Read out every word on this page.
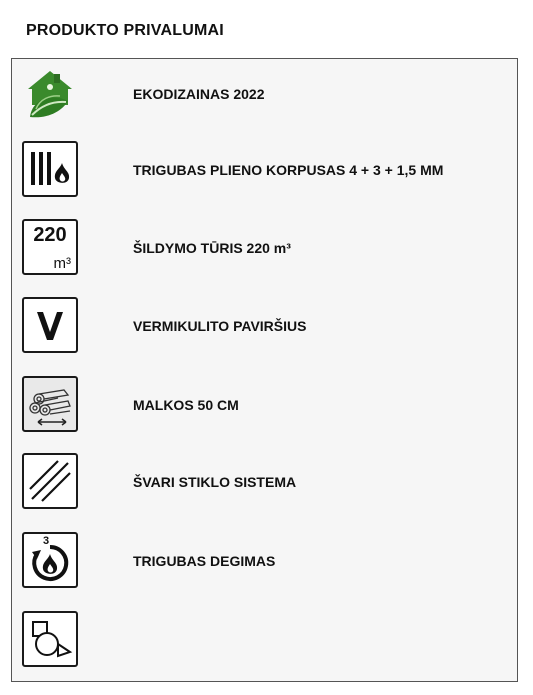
PRODUKTO PRIVALUMAI
EKODIZAINAS 2022
TRIGUBAS PLIENO KORPUSAS 4 + 3 + 1,5 MM
220
m³
ŠILDYMO TŪRIS 220 m³
VERMIKULITO PAVIRŠIUS
MALKOS 50 CM
ŠVARI STIKLO SISTEMA
3
TRIGUBAS DEGIMAS
